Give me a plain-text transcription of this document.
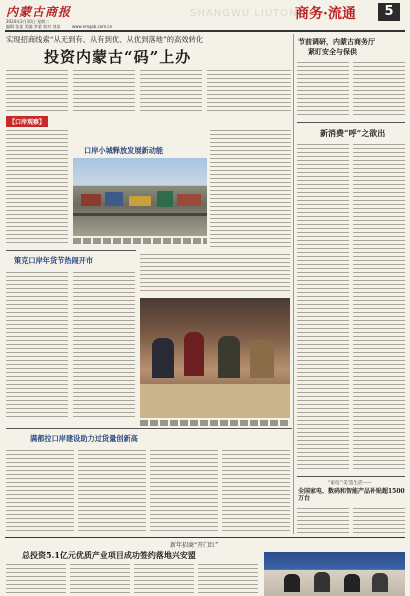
内蒙古商报
2024年2月10日 星期二
编辑 张某 美编 李某 校对 刘某	www.nmgsb.com.cn
SHANGWU LIUTONG
商务·流通	5
实现招商线索“从无到有、从有到优、从优到落地”的高效转化
投资内蒙古“码”上办
节前调研，内蒙古商务厅
紧盯安全与保供
【口岸观察】
口岸小城释放发展新动能
新消费“呼”之欲出
策克口岸年货节热闹开市
满都拉口岸建设助力过货量创新高
“家电”‘美’造生活——
全国家电、数码和智能产品补贴超1500万台
新年招商“开门红”
总投资5.1亿元优质产业项目成功签约落地兴安盟
